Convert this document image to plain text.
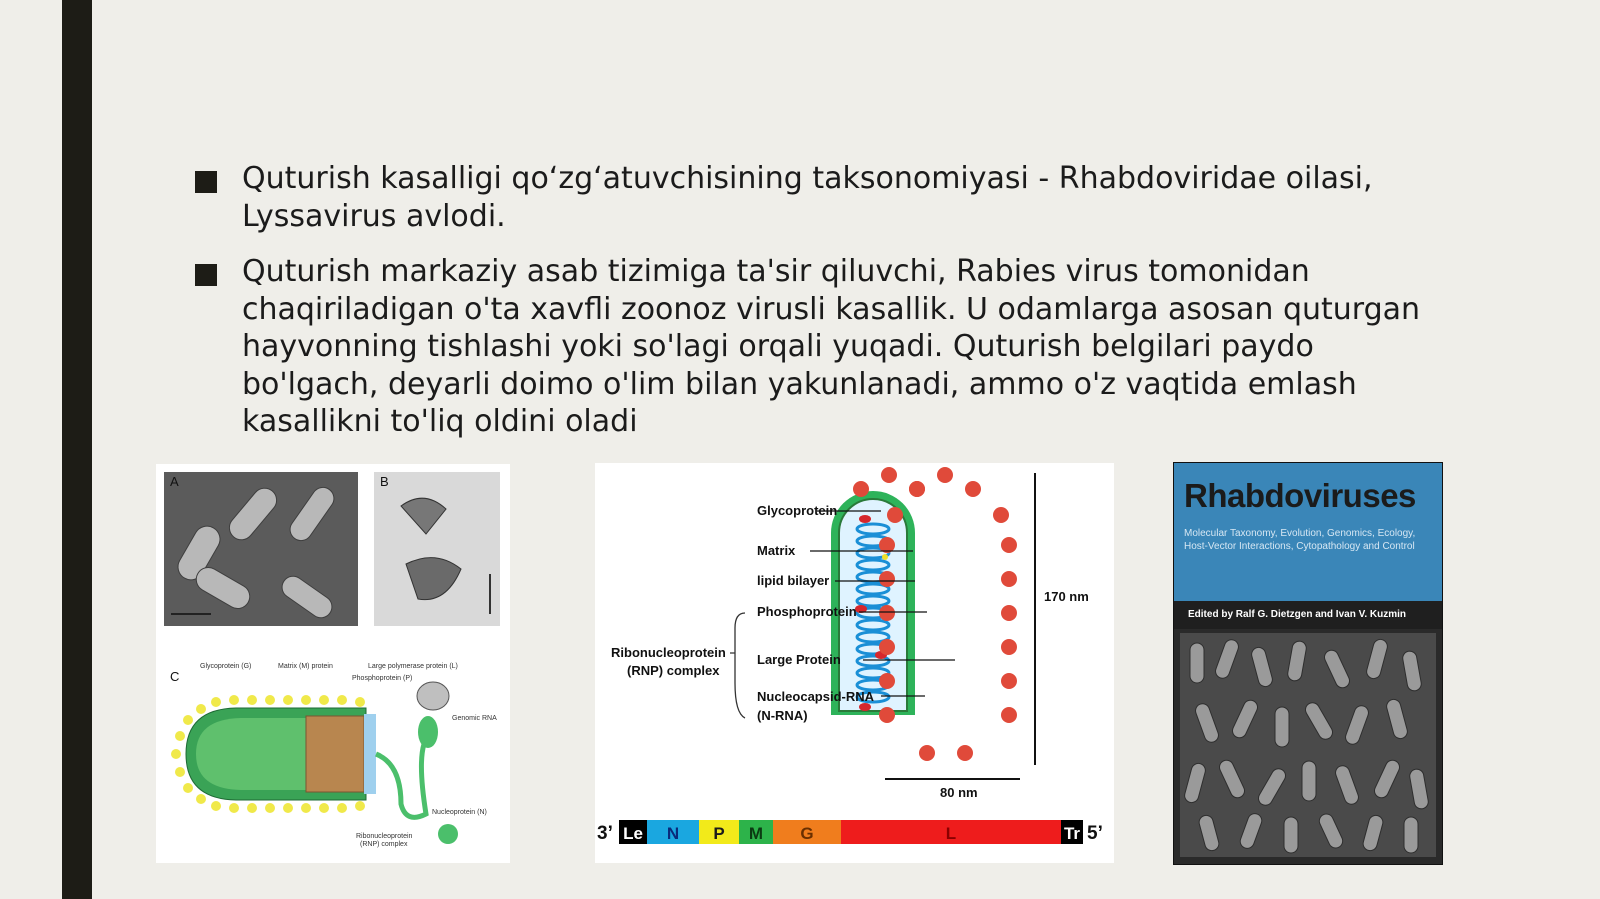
Quturish kasalligi qo‘zg‘atuvchisining taksonomiyasi - Rhabdoviridae oilasi, Lyssavirus avlodi.
Quturish markaziy asab tizimiga ta'sir qiluvchi, Rabies virus tomonidan chaqiriladigan o'ta xavfli zoonoz virusli kasallik. U odamlarga asosan quturgan hayvonning tishlashi yoki so'lagi orqali yuqadi. Quturish belgilari paydo bo'lgach, deyarli doimo o'lim bilan yakunlanadi, ammo o'z vaqtida emlash kasallikni to'liq oldini oladi
A	B
C
Glycoprotein (G)	Matrix (M) protein	Large polymerase protein (L)
Phosphoprotein (P)
Genomic RNA
Nucleoprotein (N)
Ribonucleoprotein
(RNP) complex
Glycoprotein
Matrix
lipid bilayer
Phosphoprotein
Large Protein
Nucleocapsid-RNA
(N-RNA)
Ribonucleoprotein
(RNP) complex
170 nm
80 nm
3’	5’
Le N P M G	L	Tr
Rhabdoviruses
Molecular Taxonomy, Evolution, Genomics, Ecology, Host-Vector Interactions, Cytopathology and Control
Edited by Ralf G. Dietzgen and Ivan V. Kuzmin
